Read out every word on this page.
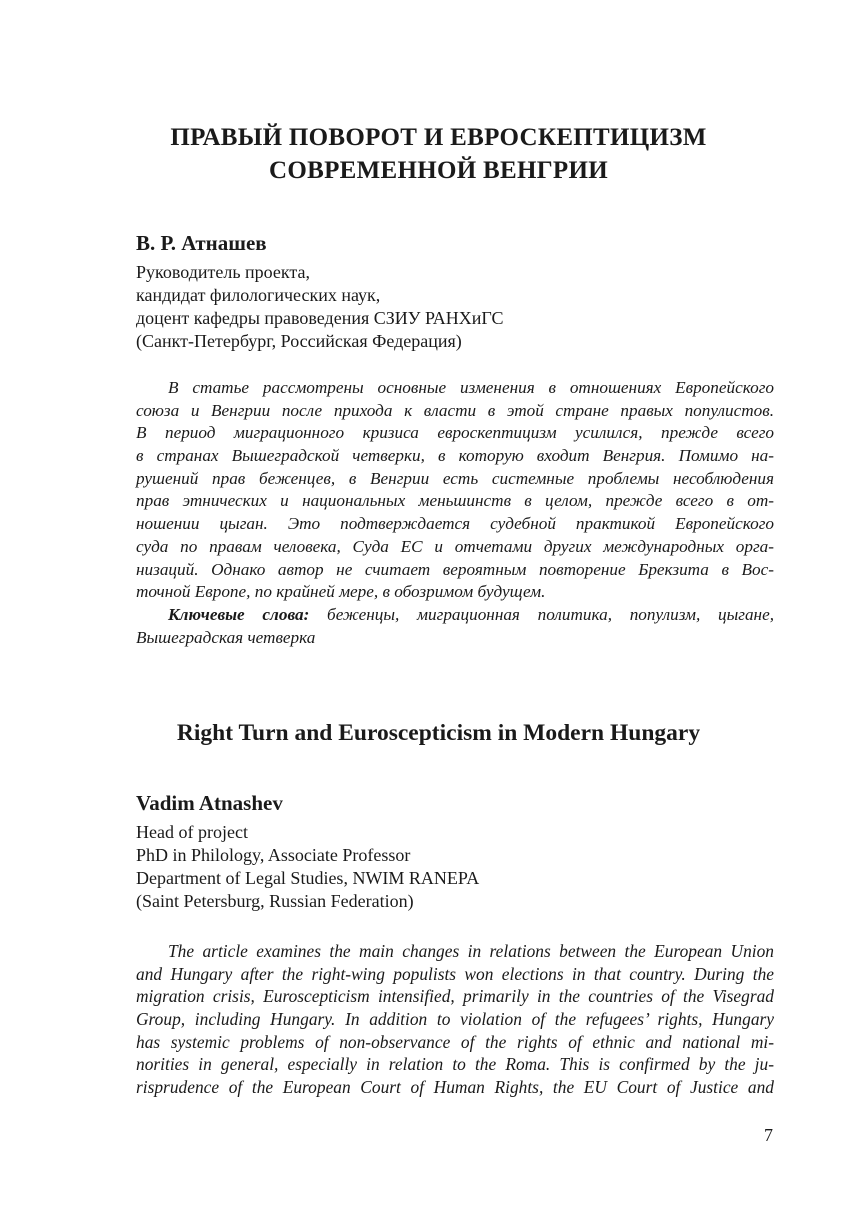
ПРАВЫЙ ПОВОРОТ И ЕВРОСКЕПТИЦИЗМ
СОВРЕМЕННОЙ ВЕНГРИИ

В. Р. Атнашев

Руководитель проекта,
кандидат филологических наук,
доцент кафедры правоведения СЗИУ РАНХиГС
(Санкт-Петербург, Российская Федерация)
В статье рассмотрены основные изменения в отношениях Европейского
союза и Венгрии после прихода к власти в этой стране правых популистов.
В период миграционного кризиса евроскептицизм усилился, прежде всего
в странах Вышеградской четверки, в которую входит Венгрия. Помимо на-
рушений прав беженцев, в Венгрии есть системные проблемы несоблюдения
прав этнических и национальных меньшинств в целом, прежде всего в от-
ношении цыган. Это подтверждается судебной практикой Европейского
суда по правам человека, Суда ЕС и отчетами других международных орга-
низаций. Однако автор не считает вероятным повторение Брекзита в Вос-
точной Европе, по крайней мере, в обозримом будущем.
Ключевые слова: беженцы, миграционная политика, популизм, цыгане,
Вышеградская четверка
Right Turn and Euroscepticism in Modern Hungary

Vadim Atnashev

Head of project
PhD in Philology, Associate Professor
Department of Legal Studies, NWIM RANEPA
(Saint Petersburg, Russian Federation)
The article examines the main changes in relations between the European Union
and Hungary after the right-wing populists won elections in that country. During the
migration crisis, Euroscepticism intensified, primarily in the countries of the Visegrad
Group, including Hungary. In addition to violation of the refugees’ rights, Hungary
has systemic problems of non-observance of the rights of ethnic and national mi-
norities in general, especially in relation to the Roma. This is confirmed by the ju-
risprudence of the European Court of Human Rights, the EU Court of Justice and

7
